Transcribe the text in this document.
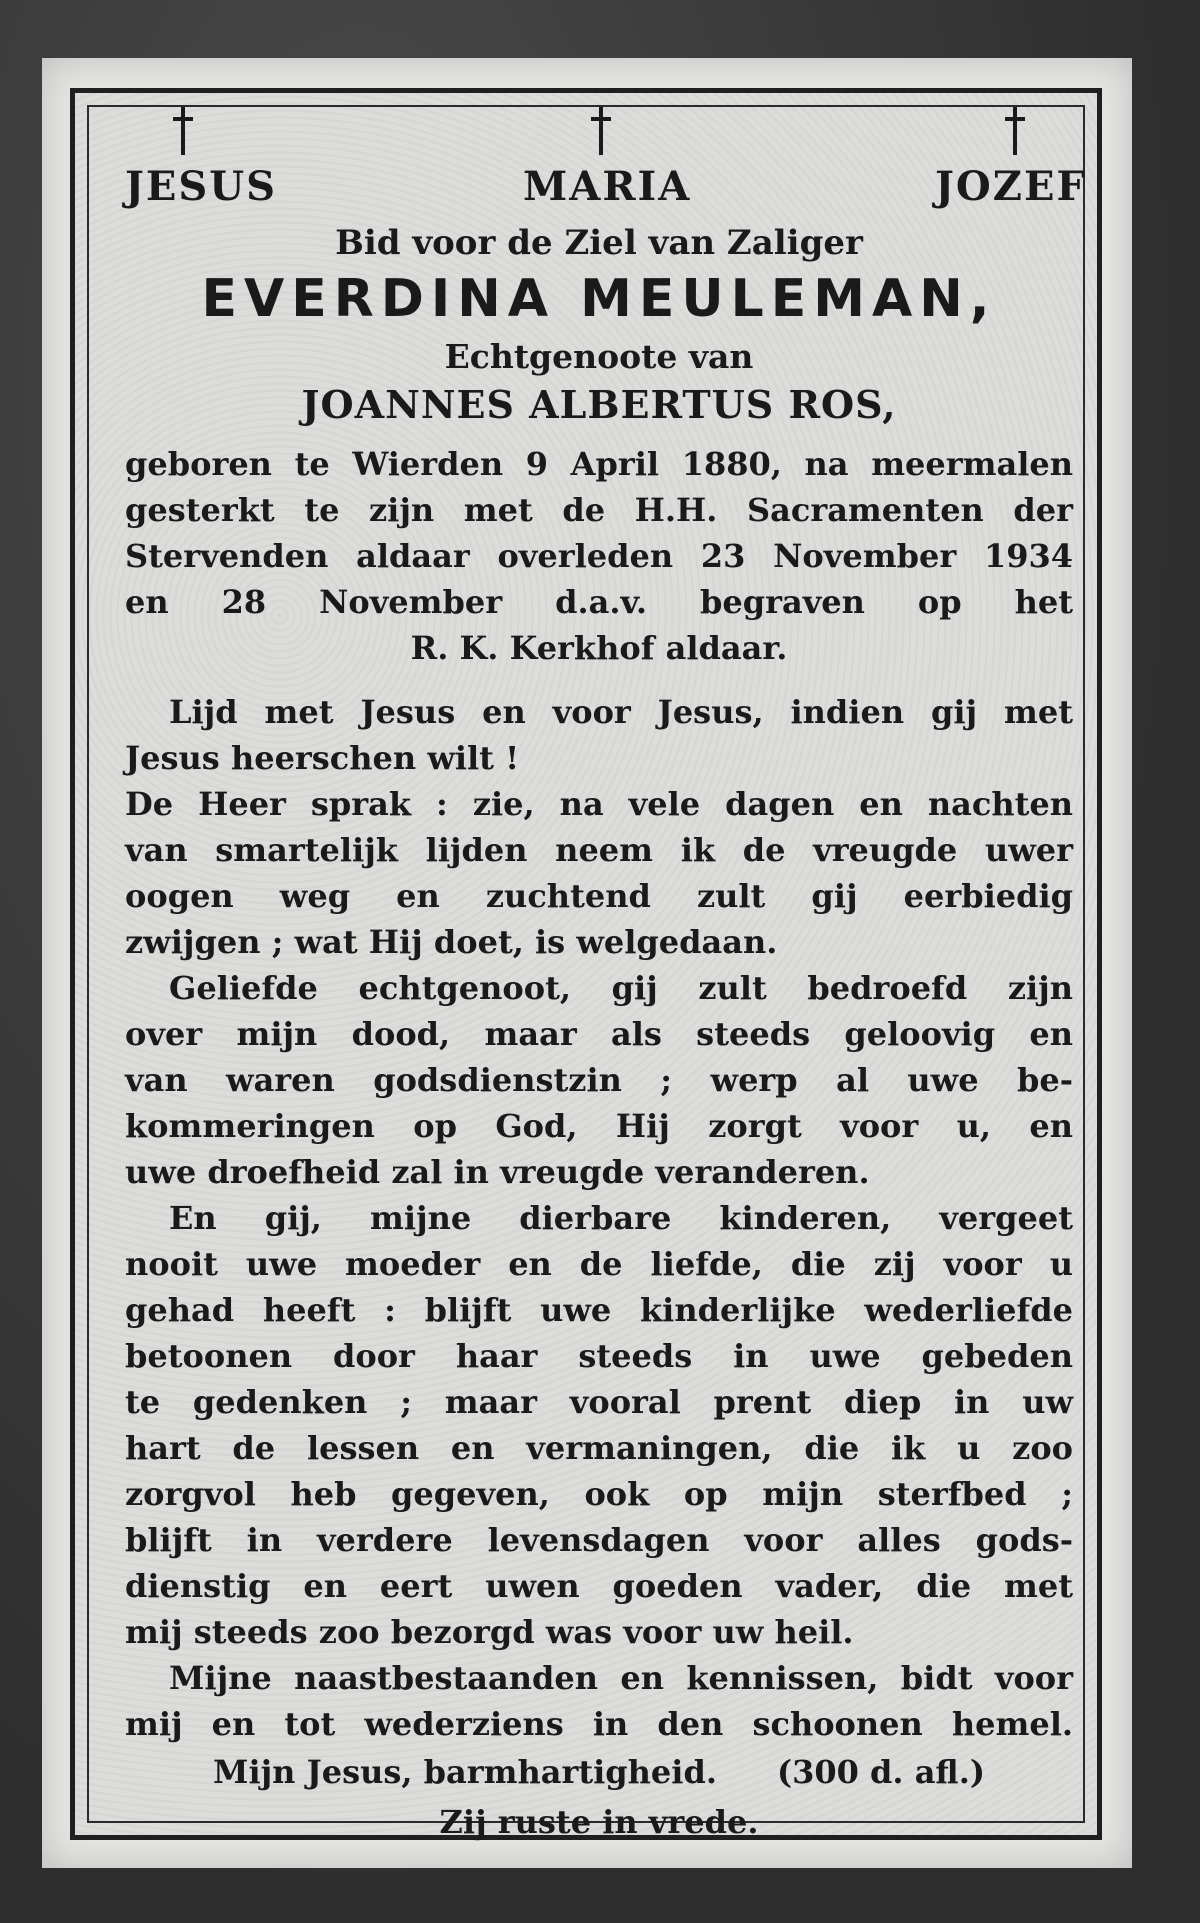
JESUS	MARIA	JOZEF
Bid voor de Ziel van Zaliger
EVERDINA MEULEMAN,
Echtgenoote van
JOANNES ALBERTUS ROS,
geboren te Wierden 9 April 1880, na meermalen
gesterkt te zijn met de H.H. Sacramenten der
Stervenden aldaar overleden 23 November 1934
en 28 November d.a.v. begraven op het
R. K. Kerkhof aldaar.
Lijd met Jesus en voor Jesus, indien gij met
Jesus heerschen wilt !
De Heer sprak : zie, na vele dagen en nachten
van smartelijk lijden neem ik de vreugde uwer
oogen weg en zuchtend zult gij eerbiedig
zwijgen ; wat Hij doet, is welgedaan.
Geliefde echtgenoot, gij zult bedroefd zijn
over mijn dood, maar als steeds geloovig en
van waren godsdienstzin ; werp al uwe be-
kommeringen op God, Hij zorgt voor u, en
uwe droefheid zal in vreugde veranderen.
En gij, mijne dierbare kinderen, vergeet
nooit uwe moeder en de liefde, die zij voor u
gehad heeft : blijft uwe kinderlijke wederliefde
betoonen door haar steeds in uwe gebeden
te gedenken ; maar vooral prent diep in uw
hart de lessen en vermaningen, die ik u zoo
zorgvol heb gegeven, ook op mijn sterfbed ;
blijft in verdere levensdagen voor alles gods-
dienstig en eert uwen goeden vader, die met
mij steeds zoo bezorgd was voor uw heil.
Mijne naastbestaanden en kennissen, bidt voor
mij en tot wederziens in den schoonen hemel.
Mijn Jesus, barmhartigheid. (300 d. afl.)
Zij ruste in vrede.
